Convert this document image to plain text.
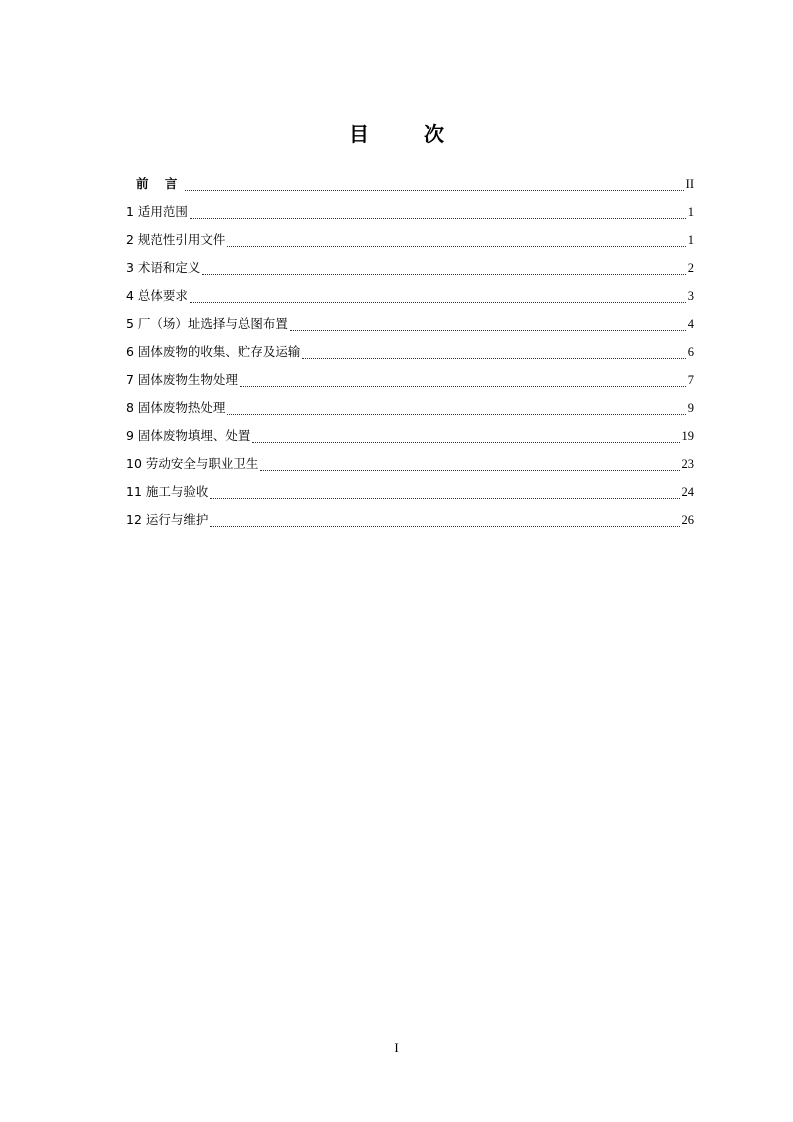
目 次
前 言	II
1 适用范围	1
2 规范性引用文件	1
3 术语和定义	2
4 总体要求	3
5 厂（场）址选择与总图布置	4
6 固体废物的收集、贮存及运输	6
7 固体废物生物处理	7
8 固体废物热处理	9
9 固体废物填埋、处置	19
10 劳动安全与职业卫生	23
11 施工与验收	24
12 运行与维护	26
I
